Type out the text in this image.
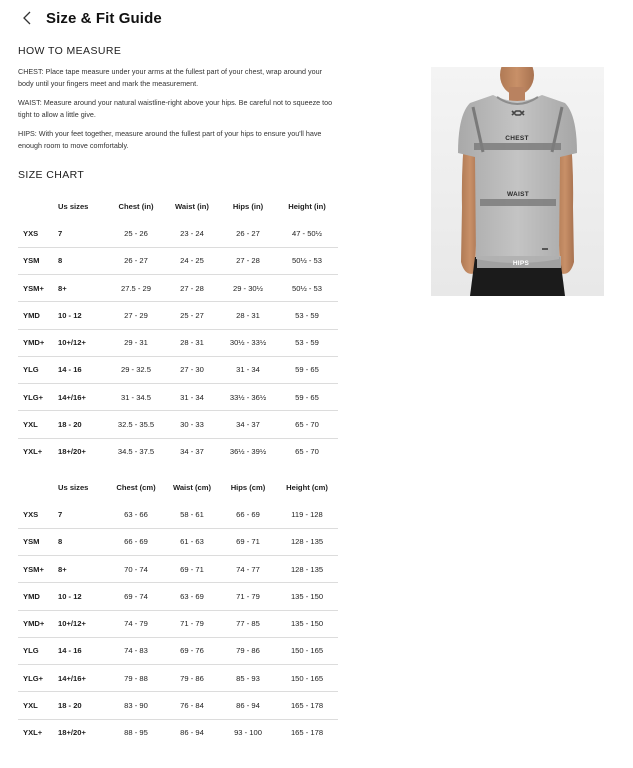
Size & Fit Guide
HOW TO MEASURE
CHEST: Place tape measure under your arms at the fullest part of your chest, wrap around your body until your fingers meet and mark the measurement.
WAIST: Measure around your natural waistline-right above your hips. Be careful not to squeeze too tight to allow a little give.
HIPS: With your feet together, measure around the fullest part of your hips to ensure you'll have enough room to move comfortably.
SIZE CHART
	Us sizes	Chest (in)	Waist (in)	Hips (in)	Height (in)
YXS	7	25 - 26	23 - 24	26 - 27	47 - 50½
YSM	8	26 - 27	24 - 25	27 - 28	50½ - 53
YSM+	8+	27.5 - 29	27 - 28	29 - 30½	50½ - 53
YMD	10 - 12	27 - 29	25 - 27	28 - 31	53 - 59
YMD+	10+/12+	29 - 31	28 - 31	30½ - 33½	53 - 59
YLG	14 - 16	29 - 32.5	27 - 30	31 - 34	59 - 65
YLG+	14+/16+	31 - 34.5	31 - 34	33½ - 36½	59 - 65
YXL	18 - 20	32.5 - 35.5	30 - 33	34 - 37	65 - 70
YXL+	18+/20+	34.5 - 37.5	34 - 37	36½ - 39½	65 - 70
	Us sizes	Chest (cm)	Waist (cm)	Hips (cm)	Height (cm)
YXS	7	63 - 66	58 - 61	66 - 69	119 - 128
YSM	8	66 - 69	61 - 63	69 - 71	128 - 135
YSM+	8+	70 - 74	69 - 71	74 - 77	128 - 135
YMD	10 - 12	69 - 74	63 - 69	71 - 79	135 - 150
YMD+	10+/12+	74 - 79	71 - 79	77 - 85	135 - 150
YLG	14 - 16	74 - 83	69 - 76	79 - 86	150 - 165
YLG+	14+/16+	79 - 88	79 - 86	85 - 93	150 - 165
YXL	18 - 20	83 - 90	76 - 84	86 - 94	165 - 178
YXL+	18+/20+	88 - 95	86 - 94	93 - 100	165 - 178
CHEST
WAIST
HIPS
